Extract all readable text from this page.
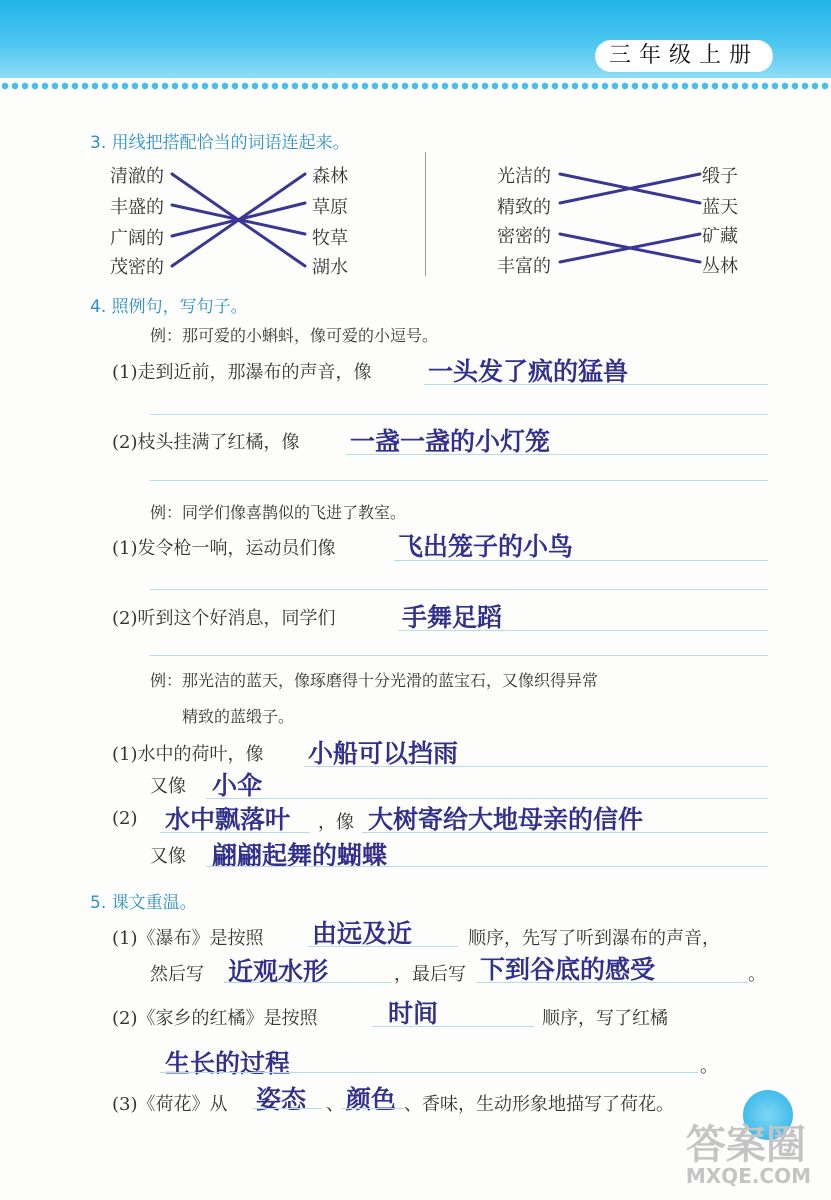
三年级上册
3. 用线把搭配恰当的词语连起来。
清澈的
丰盛的
广阔的
茂密的
森林
草原
牧草
湖水
光洁的
精致的
密密的
丰富的
缎子
蓝天
矿藏
丛林
4. 照例句，写句子。
例：那可爱的小蝌蚪，像可爱的小逗号。
(1)走到近前，那瀑布的声音，像 一头发了疯的猛兽
(2)枝头挂满了红橘，像 一盏一盏的小灯笼
例：同学们像喜鹊似的飞进了教室。
(1)发令枪一响，运动员们像	飞出笼子的小鸟
(2)听到这个好消息，同学们	手舞足蹈
例：那光洁的蓝天，像琢磨得十分光滑的蓝宝石，又像织得异常
精致的蓝缎子。
(1)水中的荷叶，像 小船可以挡雨
又像 小伞
(2) 水中飘落叶 ，像 大树寄给大地母亲的信件
又像 翩翩起舞的蝴蝶
5. 课文重温。
(1)《瀑布》是按照 由远及近	顺序，先写了听到瀑布的声音，
然后写 近观水形	，最后写 下到谷底的感受	。
(2)《家乡的红橘》是按照	时间	顺序，写了红橘
生长的过程	。
(3)《荷花》从 姿态 、 颜色 、香味，生动形象地描写了荷花。
答案圈
MXQE.COM
